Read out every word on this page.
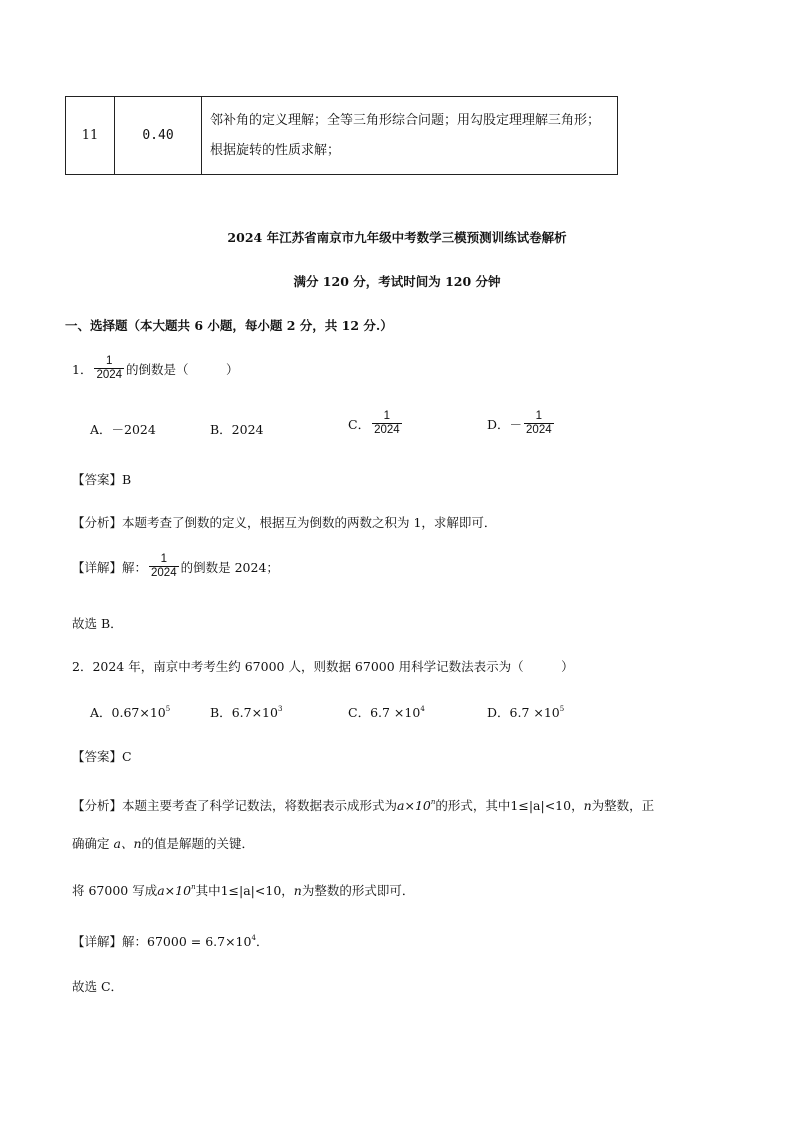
11	0.40	
邻补角的定义理解；全等三角形综合问题；用勾股定理理解三角形；
根据旋转的性质求解；
2024 年江苏省南京市九年级中考数学三模预测训练试卷解析
满分 120 分，考试时间为 120 分钟
一、选择题（本大题共 6 小题，每小题 2 分，共 12 分.）
1． $\frac{1}{2024}$ 的倒数是（　　　）
A．－2024	B．2024	C． $\frac{1}{2024}$	D．－ $\frac{1}{2024}$
【答案】B
【分析】本题考查了倒数的定义，根据互为倒数的两数之积为 1，求解即可．
【详解】解： $\frac{1}{2024}$ 的倒数是 2024；
故选 B．
2．2024 年，南京中考考生约 67000 人，则数据 67000 用科学记数法表示为（　　　）
A．$0.67\times 10^5$	B．$6.7\times 10^3$	C．$6.7 \times 10^4$	D．$6.7 \times 10^5$
【答案】C
【分析】本题主要考查了科学记数法，将数据表示成形式为$a\times 10^n$的形式，其中1≤|a|<10，n为整数，正
确确定 a、n的值是解题的关键．
将 67000 写成$a\times 10^n$其中1≤|a|<10，n为整数的形式即可．
【详解】解：$67000 = 6.7\times 10^4$．
故选 C．
